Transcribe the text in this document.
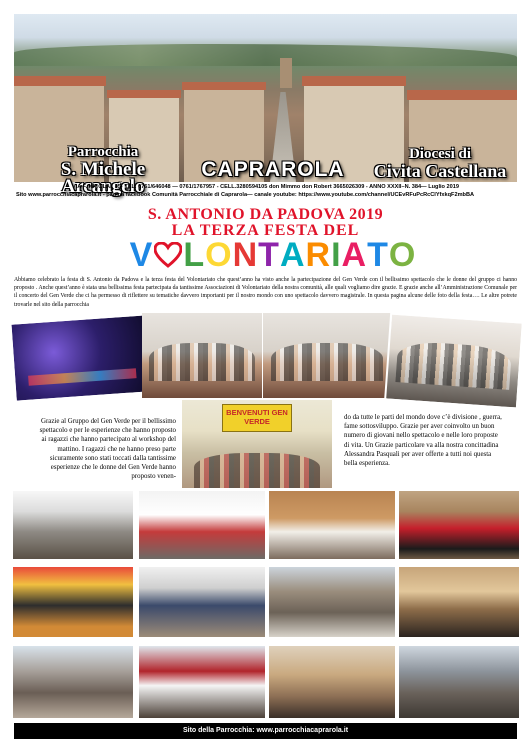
Parrocchia
S. Michele Arcangelo
CAPRAROLA
Diocesi di
Civita Castellana
VIA F. NICOLAI, 35- TEL. 0761/646048 — 0761/1767957 - CELL.3280594105 don Mimmo don Robert 3665026309 - ANNO XXXII–N. 384— Luglio 2019
Sito www.parrocchiacaprarola.it - pagina facebook Comunità Parrocchiale di Caprarola— canale youtube: https://www.youtube.com/channel/UCEvRFuPcRcCIYfxkqF2mbBA
S. ANTONIO DA PADOVA 2019
LA TERZA FESTA DEL
V LONTARIATO
Abbiamo celebrato la festa di S. Antonio da Padova e la terza festa del Volontariato che quest’anno ha visto anche la partecipazione del Gen Verde con il bellissimo spettacolo che le donne del gruppo ci hanno proposto . Anche quest’anno è stata una bellissima festa partecipata da tantissime Associazioni di Volontariato della nostra comunità, alle quali vogliamo dire grazie. E grazie anche all’Amministrazione Comunale per il concerto del Gen Verde che ci ha permesso di riflettere su tematiche davvero importanti per il nostro mondo con uno spettacolo davvero magistrale. In questa pagina alcune delle foto della festa…. Le altre potrete trovarle nel sito della parrocchia
Grazie al Gruppo del Gen Verde per il bellissimo spettacolo e per le esperienze che hanno proposto ai ragazzi che hanno partecipato al workshop del mattino. I ragazzi che ne hanno preso parte sicuramente sono stati toccati dalla tantissime esperienze che le donne del Gen Verde hanno proposto venen-
BENVENUTI GEN VERDE	do da tutte le parti del mondo dove c’è divisione , guerra, fame sottosviluppo. Grazie per aver coinvolto un buon numero di giovani nello spettacolo e nelle loro proposte di vita. Un Grazie particolare va alla nostra concittadina Alessandra Pasquali per aver offerte a tutti noi questa bella esperienza.
Sito della Parrocchia: www.parrocchiacaprarola.it
